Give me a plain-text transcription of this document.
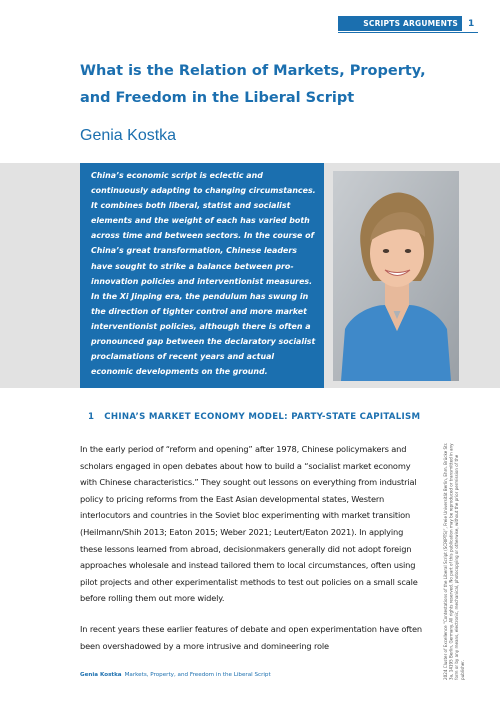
SCRIPTS ARGUMENTS 1
What is the Relation of Markets, Property,
and Freedom in the Liberal Script
Genia Kostka
China’s economic script is eclectic and continuously adapting to changing circumstances. It combines both liberal, statist and socialist elements and the weight of each has varied both across time and between sectors. In the course of China’s great transformation, Chinese leaders have sought to strike a balance between pro-innovation policies and interventionist measures. In the Xi Jinping era, the pendulum has swung in the direction of tighter control and more market interventionist policies, although there is often a pronounced gap between the declaratory socialist proclamations of recent years and actual economic developments on the ground.
1 CHINA’S MARKET ECONOMY MODEL: PARTY-STATE CAPITALISM
In the early period of “reform and opening” after 1978, Chinese policymakers and scholars engaged in open debates about how to build a “socialist market economy with Chinese characteristics.” They sought out lessons on everything from industrial policy to pricing reforms from the East Asian developmental states, Western interlocutors and countries in the Soviet bloc experimenting with market transition (Heilmann/Shih 2013; Eaton 2015; Weber 2021; Leutert/Eaton 2021). In applying these lessons learned from abroad, decisionmakers generally did not adopt foreign approaches wholesale and instead tailored them to local circumstances, often using pilot projects and other experimentalist methods to test out policies on a small scale before rolling them out more widely.
In recent years these earlier features of debate and open experimentation have often been overshadowed by a more intrusive and domineering role	2024 Cluster of Excellence “Contestations of the Liberal Script (SCRIPTS)”, Freie Universität Berlin, Ehm. Brücke Str. 3a, 14195 Berlin, Germany. All rights reserved. No part of this publication may be reproduced or transmitted in any form or by any means, electronic, mechanical, photocopying or otherwise, without the prior permission of the publisher.
Genia Kostka Markets, Property, and Freedom in the Liberal Script
